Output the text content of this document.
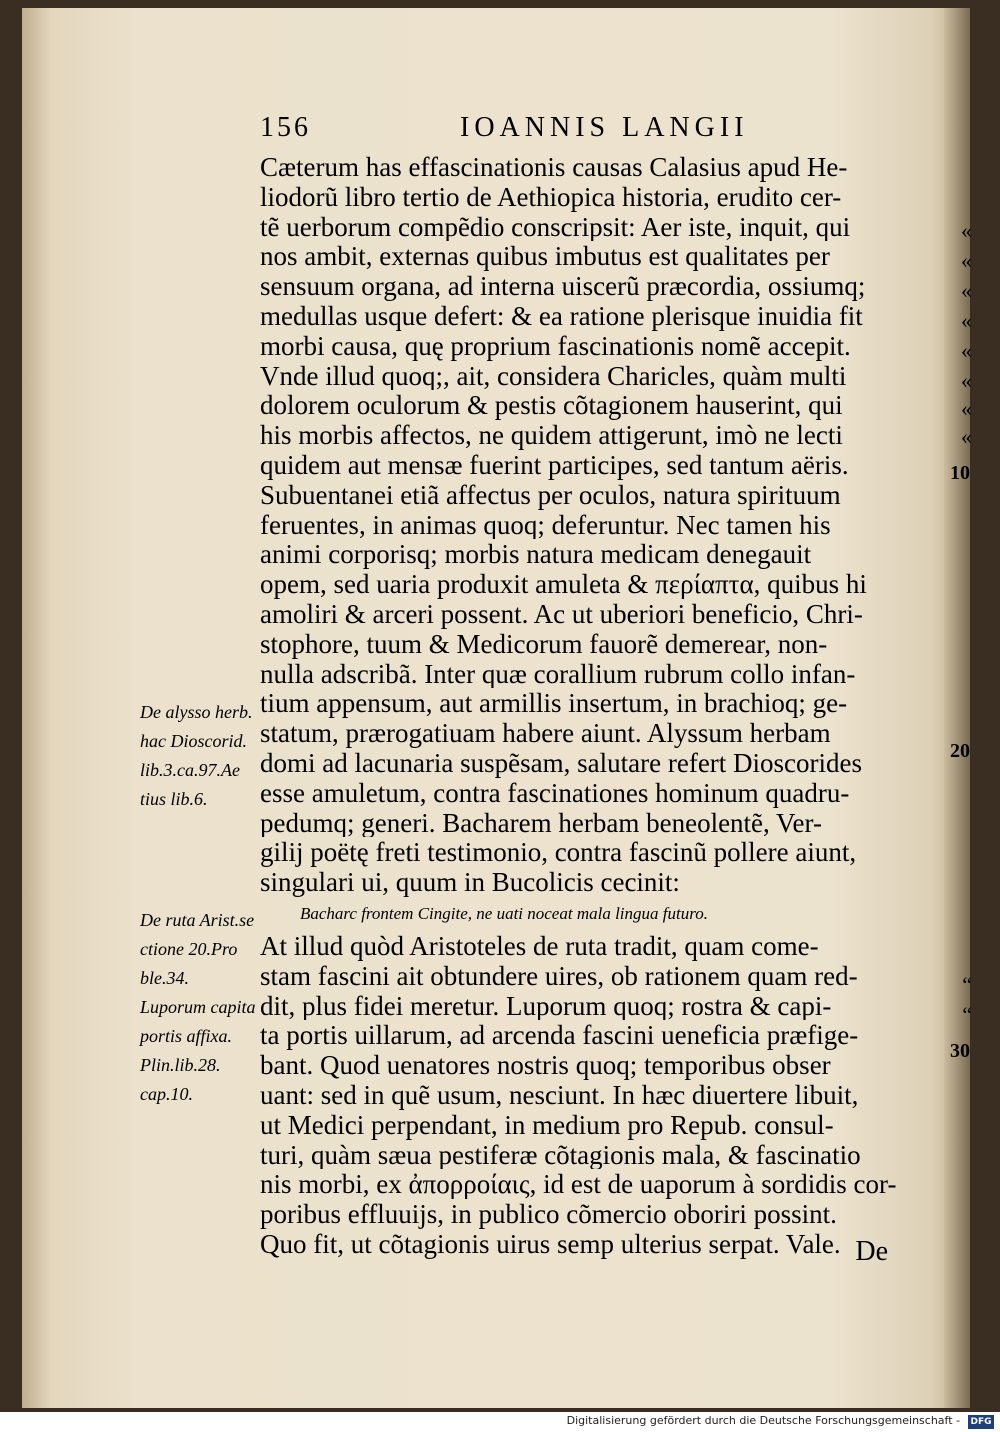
156	IOANNIS LANGII
Cæterum has effascinationis causas Calasius apud He-
liodorũ libro tertio de Aethiopica historia, erudito cer-
tẽ uerborum compẽdio conscripsit: Aer iste, inquit, qui
nos ambit, externas quibus imbutus est qualitates per
sensuum organa, ad interna uiscerũ præcordia, ossiumq;
medullas usque defert: & ea ratione plerisque inuidia fit
morbi causa, quę proprium fascinationis nomẽ accepit.
Vnde illud quoq;, ait, considera Charicles, quàm multi
dolorem oculorum & pestis cõtagionem hauserint, qui
his morbis affectos, ne quidem attigerunt, imò ne lecti
quidem aut mensæ fuerint participes, sed tantum aëris.
Subuentanei etiã affectus per oculos, natura spirituum
feruentes, in animas quoq; deferuntur. Nec tamen his
animi corporisq; morbis natura medicam denegauit
opem, sed uaria produxit amuleta & περίαπτα, quibus hi
amoliri & arceri possent. Ac ut uberiori beneficio, Chri-
stophore, tuum & Medicorum fauorẽ demerear, non-
nulla adscribã. Inter quæ corallium rubrum collo infan-
tium appensum, aut armillis insertum, in brachioq; ge-
statum, prærogatiuam habere aiunt. Alyssum herbam
domi ad lacunaria suspẽsam, salutare refert Dioscorides
esse amuletum, contra fascinationes hominum quadru-
pedumq; generi. Bacharem herbam beneolentẽ, Ver-
gilij poëtę freti testimonio, contra fascinũ pollere aiunt,
singulari ui, quum in Bucolicis cecinit:
Bacharc frontem Cingite, ne uati noceat mala lingua futuro.
At illud quòd Aristoteles de ruta tradit, quam come-
stam fascini ait obtundere uires, ob rationem quam red-
dit, plus fidei meretur. Luporum quoq; rostra & capi-
ta portis uillarum, ad arcenda fascini ueneficia præfige-
bant. Quod uenatores nostris quoq; temporibus obser
uant: sed in quẽ usum, nesciunt. In hæc diuertere libuit,
ut Medici perpendant, in medium pro Repub. consul-
turi, quàm sæua pestiferæ cõtagionis mala, & fascinatio
nis morbi, ex ἀπορροίαις, id est de uaporum à sordidis cor-
poribus effluuijs, in publico cõmercio oboriri possint.
Quo fit, ut cõtagionis uirus semp ulterius serpat. Vale. De
«
«
«
«
«
«
«
«
“
“
10
20
30
De alysso herb.
hac Dioscorid.
lib.3.ca.97.Ae
tius lib.6.
De ruta Arist.se
ctione 20.Pro
ble.34.
Luporum capita
portis affixa.
Plin.lib.28.
cap.10.
Digitalisierung gefördert durch die Deutsche Forschungsgemeinschaft - DFG
